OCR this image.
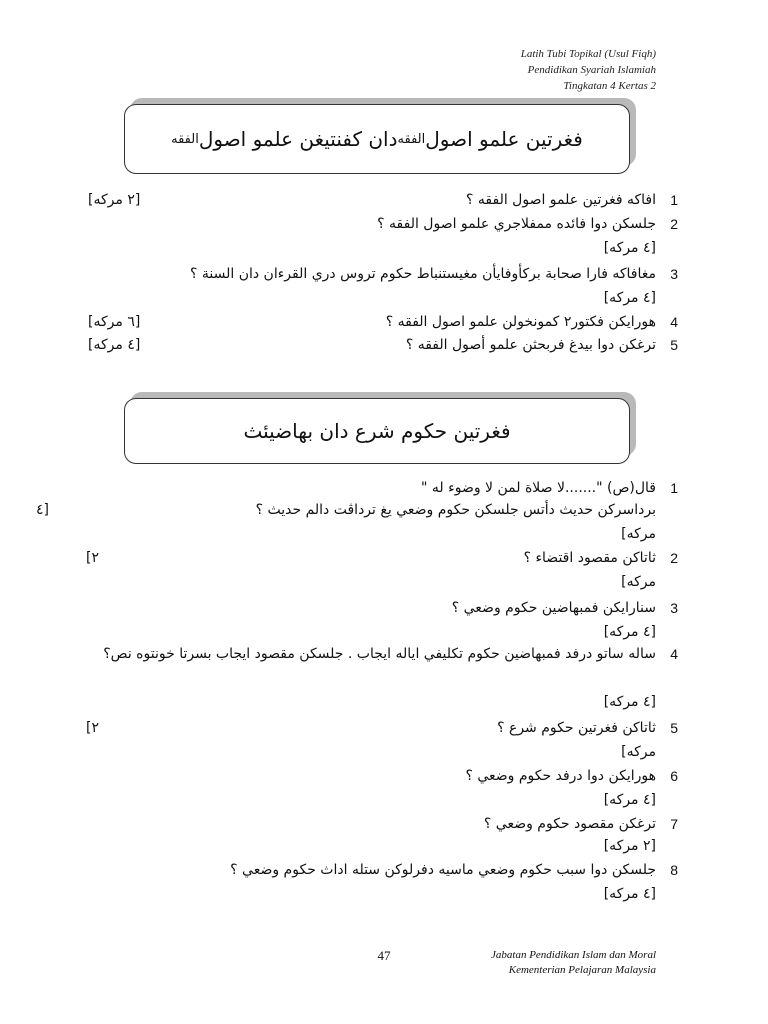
Latih Tubi Topikal (Usul Fiqh)
Pendidikan Syariah Islamiah
Tingkatan 4 Kertas 2
فغرتين علمو اصول
الفقه
دان كفنتيغن علمو اصول
الفقه
1
افاكه فغرتين علمو اصول الفقه ؟
[٢ مركه]
2
جلسكن دوا فائده ممفلاجري علمو اصول الفقه ؟
[٤ مركه]
3
مغافاكه فارا صحابة بركأوفايأن مغيستنباط حكوم تروس دري القرءان دان السنة ؟
[٤ مركه]
4
هورايكن فكتور٢ كمونخولن علمو اصول الفقه ؟
[٦ مركه]
5
ترغكن دوا بيدغ فربحثن علمو أصول الفقه ؟
[٤ مركه]
فغرتين حكوم شرع دان بهاضيئث
1
قال(ص) ".......لا صلاة لمن لا وضوء له "
برداسركن حديث دأتس جلسكن حكوم وضعي يغ ترداڤت دالم حديث ؟
[٤
مركه]
2
ثاتاكن مقصود اقتضاء ؟
٢]
مركه]
3
سنارايكن فمبهاضين حكوم وضعي ؟
[٤ مركه]
4
ساله ساتو درفد فمبهاضين حكوم تكليفي اياله ايجاب . جلسكن مقصود ايجاب بسرتا خونتوه نص؟

[٤ مركه]
5
ثاتاكن فغرتين حكوم شرع ؟
٢]
مركه]
6
هورايكن دوا درفد حكوم وضعي ؟
[٤ مركه]
7
ترغكن مقصود حكوم وضعي ؟
[٢ مركه]
8
جلسكن دوا سبب حكوم وضعي ماسيه دفرلوكن ستله اداث حكوم وضعي ؟
[٤ مركه]
47	Jabatan Pendidikan Islam dan Moral
Kementerian Pelajaran Malaysia
